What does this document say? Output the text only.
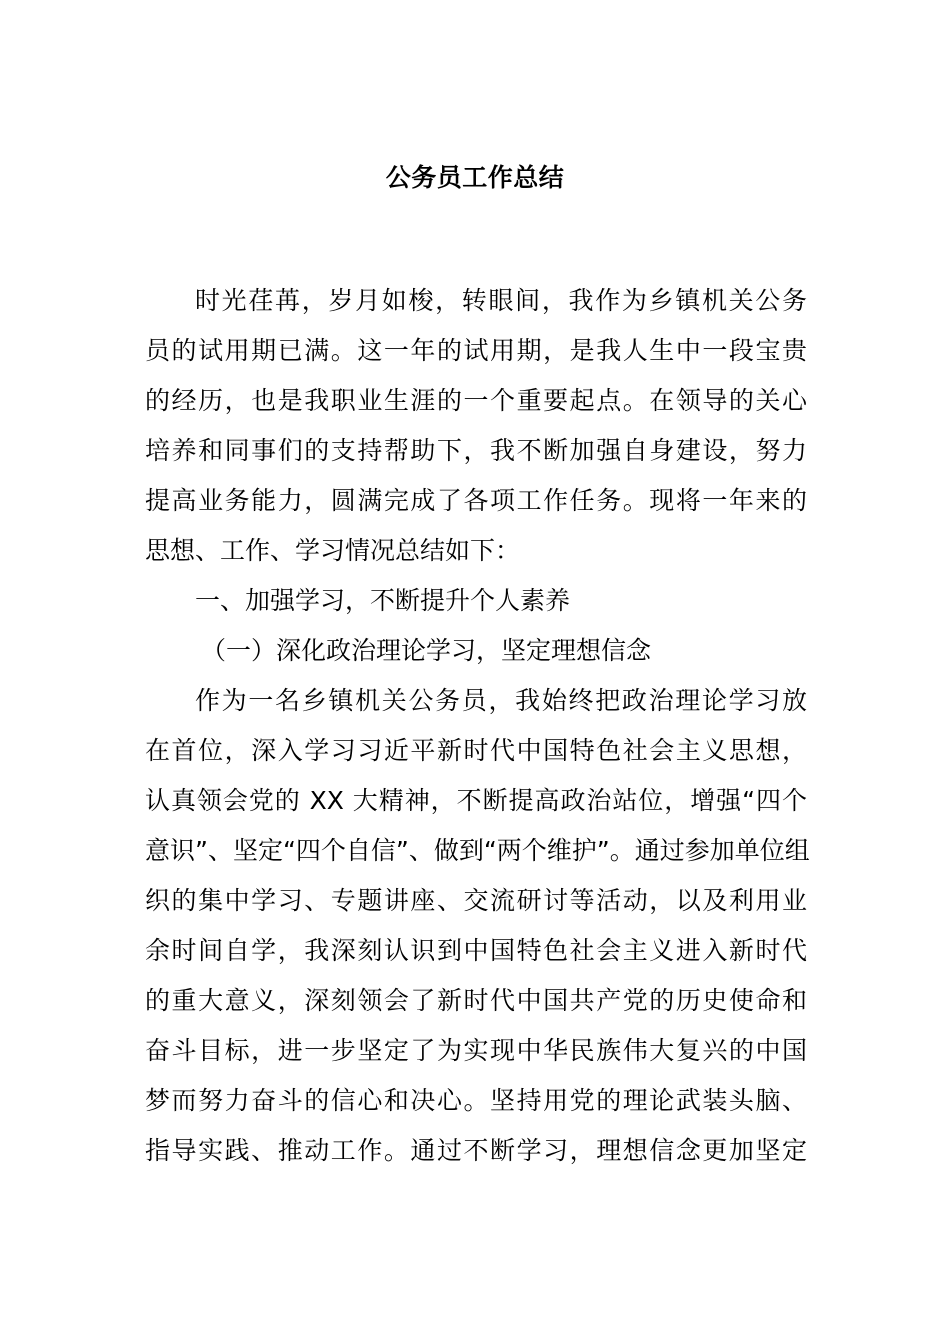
公务员工作总结
时光荏苒，岁月如梭，转眼间，我作为乡镇机关公务
员的试用期已满。这一年的试用期，是我人生中一段宝贵
的经历，也是我职业生涯的一个重要起点。在领导的关心
培养和同事们的支持帮助下，我不断加强自身建设，努力
提高业务能力，圆满完成了各项工作任务。现将一年来的
思想、工作、学习情况总结如下：
一、加强学习，不断提升个人素养
（一）深化政治理论学习，坚定理想信念
作为一名乡镇机关公务员，我始终把政治理论学习放
在首位，深入学习习近平新时代中国特色社会主义思想，
认真领会党的 XX 大精神，不断提高政治站位，增强“四个
意识”、坚定“四个自信”、做到“两个维护”。通过参加单位组
织的集中学习、专题讲座、交流研讨等活动，以及利用业
余时间自学，我深刻认识到中国特色社会主义进入新时代
的重大意义，深刻领会了新时代中国共产党的历史使命和
奋斗目标，进一步坚定了为实现中华民族伟大复兴的中国
梦而努力奋斗的信心和决心。坚持用党的理论武装头脑、
指导实践、推动工作。通过不断学习，理想信念更加坚定
